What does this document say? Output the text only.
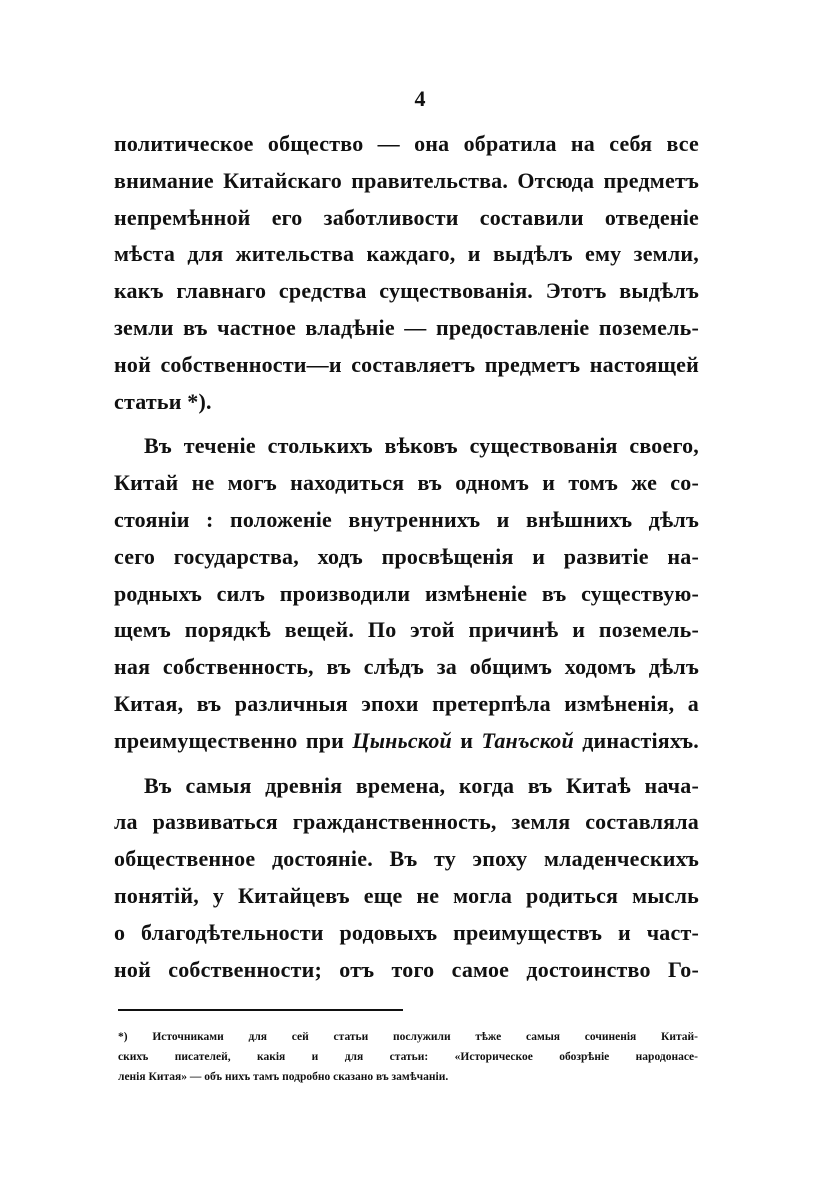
4
политическое общество — она обратила на себя все
внимание Китайскаго правительства. Отсюда предметъ
непремѣнной его заботливости составили отведеніе
мѣста для жительства каждаго, и выдѣлъ ему земли,
какъ главнаго средства существованія. Этотъ выдѣлъ
земли въ частное владѣніе — предоставленіе поземель-
ной собственности—и составляетъ предметъ настоящей
статьи *).
Въ теченіе столькихъ вѣковъ существованія своего,
Китай не могъ находиться въ одномъ и томъ же со-
стояніи : положеніе внутреннихъ и внѣшнихъ дѣлъ
сего государства, ходъ просвѣщенія и развитіе на-
родныхъ силъ производили измѣненіе въ существую-
щемъ порядкѣ вещей. По этой причинѣ и поземель-
ная собственность, въ слѣдъ за общимъ ходомъ дѣлъ
Китая, въ различныя эпохи претерпѣла измѣненія, а
преимущественно при Цыньской и Танъской династіяхъ.
Въ самыя древнія времена, когда въ Китаѣ нача-
ла развиваться гражданственность, земля составляла
общественное достояніе. Въ ту эпоху младенческихъ
понятій, у Китайцевъ еще не могла родиться мысль
о благодѣтельности родовыхъ преимуществъ и част-
ной собственности; отъ того самое достоинство Го-
*) Источниками для сей статьи послужили тѣже самыя сочиненія Китай-
скихъ писателей, какія и для статьи: «Историческое обозрѣніе народонасе-
ленія Китая» — объ нихъ тамъ подробно сказано въ замѣчаніи.
